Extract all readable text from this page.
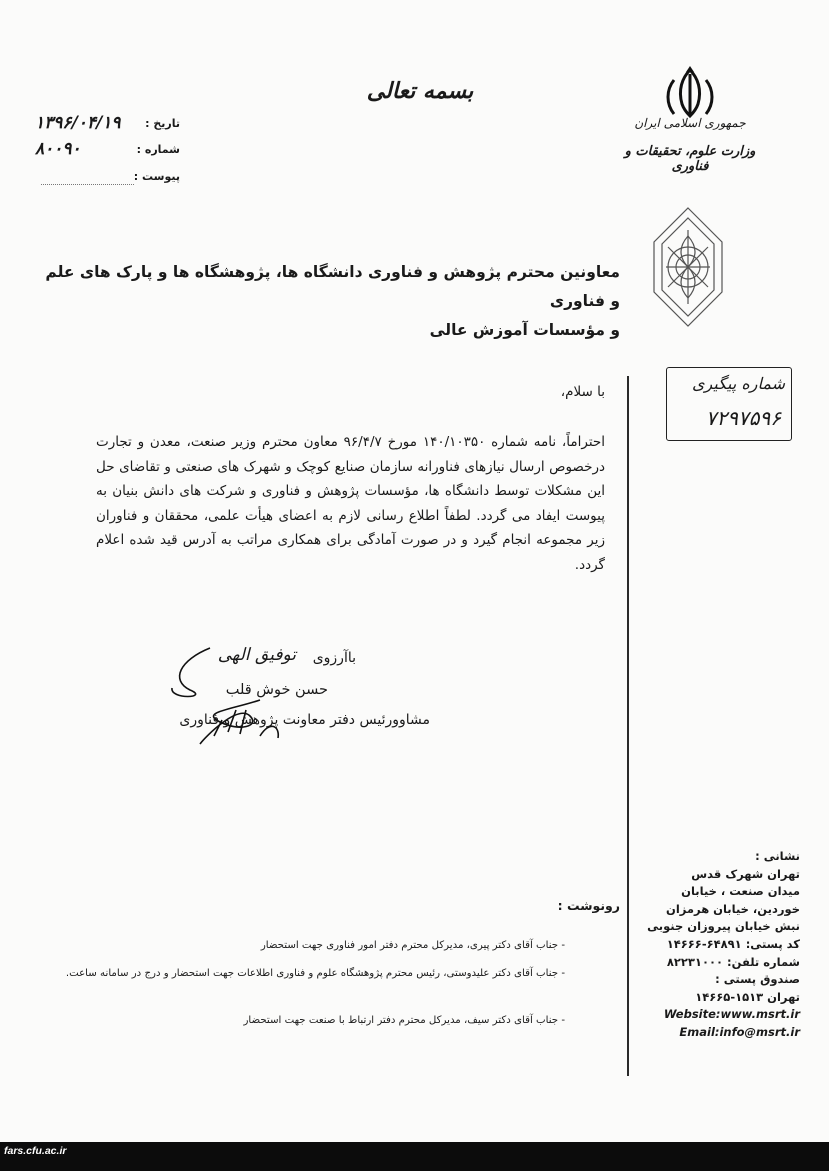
بسمه تعالی
جمهوری اسلامی ایران
وزارت علوم، تحقیقات و فناوری
تاریخ :
۱۳۹۶/۰۴/۱۹
شماره :
۸۰۰۹۰
پیوست :
معاونین محترم پژوهش و فناوری دانشگاه ها، پژوهشگاه ها و پارک های علم و فناوری
و مؤسسات آموزش عالی
شماره پیگیری
۷۲۹۷۵۹۶
با سلام،
احتراماً، نامه شماره ۱۴۰/۱۰۳۵۰ مورخ ۹۶/۴/۷ معاون محترم وزیر صنعت، معدن و تجارت درخصوص ارسال نیازهای فناورانه سازمان صنایع کوچک و شهرک های صنعتی و تقاضای حل این مشکلات توسط دانشگاه ها، مؤسسات پژوهش و فناوری و شرکت های دانش بنیان به پیوست ایفاد می گردد. لطفاً اطلاع رسانی لازم به اعضای هیأت علمی، محققان و فناوران زیر مجموعه انجام گیرد و در صورت آمادگی برای همکاری مراتب به آدرس قید شده اعلام گردد.
باآرزوی
توفیق الهی
حسن خوش قلب
مشاوورئیس دفتر معاونت پژوهش و فناوری
نشانی :
تهران شهرک قدس
میدان صنعت ، خیابان
خوردین، خیابان هرمزان
نبش خیابان پیروزان جنوبی
کد پستی: ۶۴۸۹۱-۱۴۶۶۶
شماره تلفن: ۸۲۲۳۱۰۰۰
صندوق پستی :
تهران ۱۵۱۳-۱۴۶۶۵
Website:www.msrt.ir
Email:info@msrt.ir
رونوشت :
- جناب آقای دکتر پیری، مدیرکل محترم دفتر امور فناوری جهت استحضار
- جناب آقای دکتر علیدوستی، رئیس محترم پژوهشگاه علوم و فناوری اطلاعات جهت استحضار و درج در سامانه ساعت.
- جناب آقای دکتر سیف، مدیرکل محترم دفتر ارتباط با صنعت جهت استحضار
fars.cfu.ac.ir
